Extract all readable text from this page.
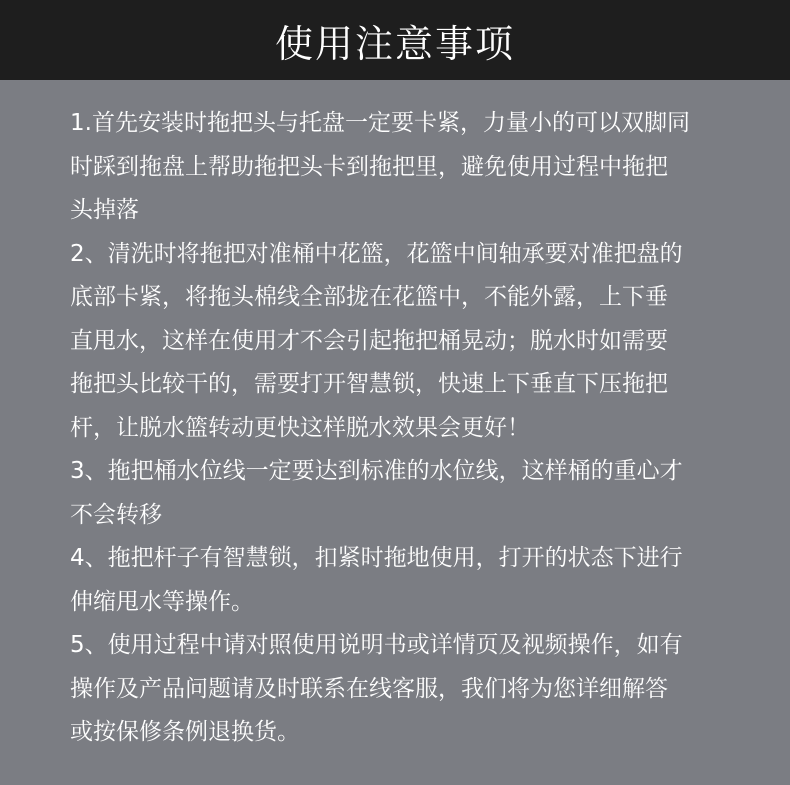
使用注意事项

1.首先安装时拖把头与托盘一定要卡紧，力量小的可以双脚同
时踩到拖盘上帮助拖把头卡到拖把里，避免使用过程中拖把
头掉落

2、清洗时将拖把对准桶中花篮，花篮中间轴承要对准把盘的
底部卡紧，将拖头棉线全部拢在花篮中，不能外露，上下垂
直甩水，这样在使用才不会引起拖把桶晃动；脱水时如需要
拖把头比较干的，需要打开智慧锁，快速上下垂直下压拖把
杆，让脱水篮转动更快这样脱水效果会更好！

3、拖把桶水位线一定要达到标准的水位线，这样桶的重心才
不会转移

4、拖把杆子有智慧锁，扣紧时拖地使用，打开的状态下进行
伸缩甩水等操作。

5、使用过程中请对照使用说明书或详情页及视频操作，如有
操作及产品问题请及时联系在线客服，我们将为您详细解答
或按保修条例退换货。
